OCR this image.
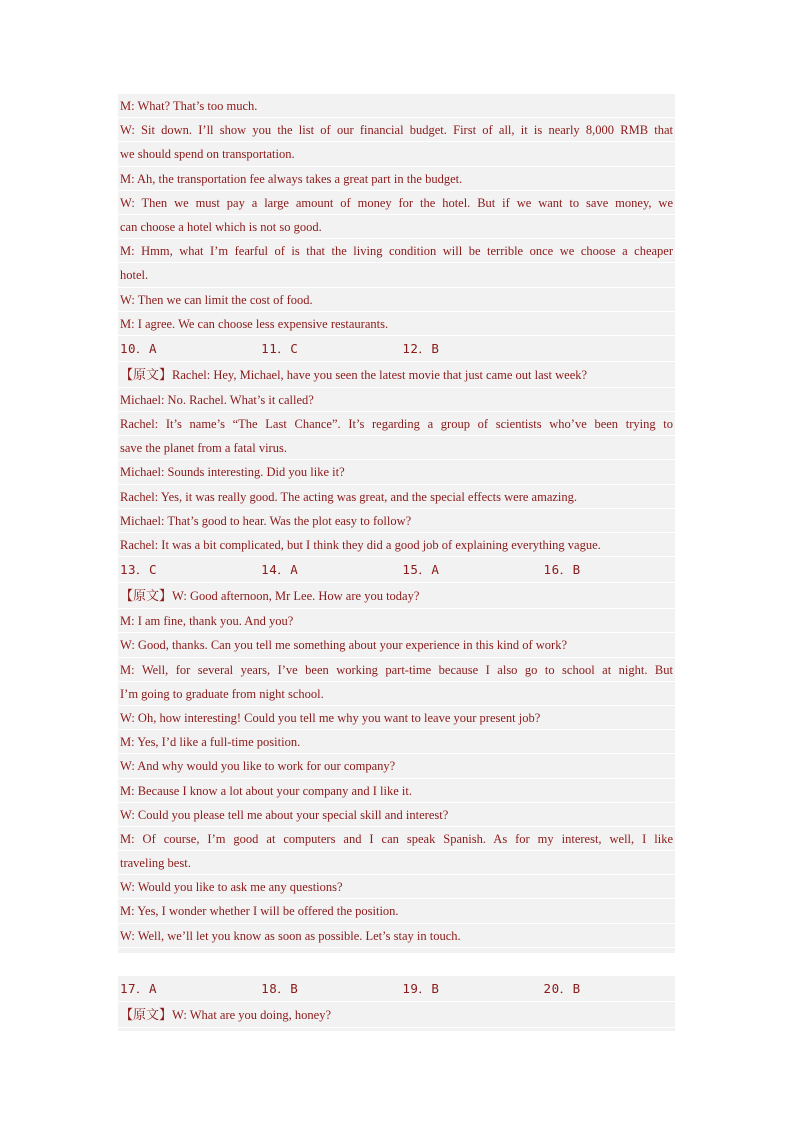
M: What? That’s too much.
W: Sit down. I’ll show you the list of our financial budget. First of all, it is nearly 8,000 RMB that
we should spend on transportation.
M: Ah, the transportation fee always takes a great part in the budget.
W: Then we must pay a large amount of money for the hotel. But if we want to save money, we
can choose a hotel which is not so good.
M: Hmm, what I’m fearful of is that the living condition will be terrible once we choose a cheaper
hotel.
W: Then we can limit the cost of food.
M: I agree. We can choose less expensive restaurants.
10．A    11．C    12．B
【原文】Rachel: Hey, Michael, have you seen the latest movie that just came out last week?
Michael: No. Rachel. What’s it called?
Rachel: It’s name’s “The Last Chance”. It’s regarding a group of scientists who’ve been trying to
save the planet from a fatal virus.
Michael: Sounds interesting. Did you like it?
Rachel: Yes, it was really good. The acting was great, and the special effects were amazing.
Michael: That’s good to hear. Was the plot easy to follow?
Rachel: It was a bit complicated, but I think they did a good job of explaining everything vague.
13．C    14．A    15．A    16．B
【原文】W: Good afternoon, Mr Lee. How are you today?
M: I am fine, thank you. And you?
W: Good, thanks. Can you tell me something about your experience in this kind of work?
M: Well, for several years, I’ve been working part-time because I also go to school at night. But
I’m going to graduate from night school.
W: Oh, how interesting! Could you tell me why you want to leave your present job?
M: Yes, I’d like a full-time position.
W: And why would you like to work for our company?
M: Because I know a lot about your company and I like it.
W: Could you please tell me about your special skill and interest?
M: Of course, I’m good at computers and I can speak Spanish. As for my interest, well, I like
traveling best.
W: Would you like to ask me any questions?
M: Yes, I wonder whether I will be offered the position.
W: Well, we’ll let you know as soon as possible. Let’s stay in touch.
17．A    18．B    19．B    20．B
【原文】W: What are you doing, honey?
